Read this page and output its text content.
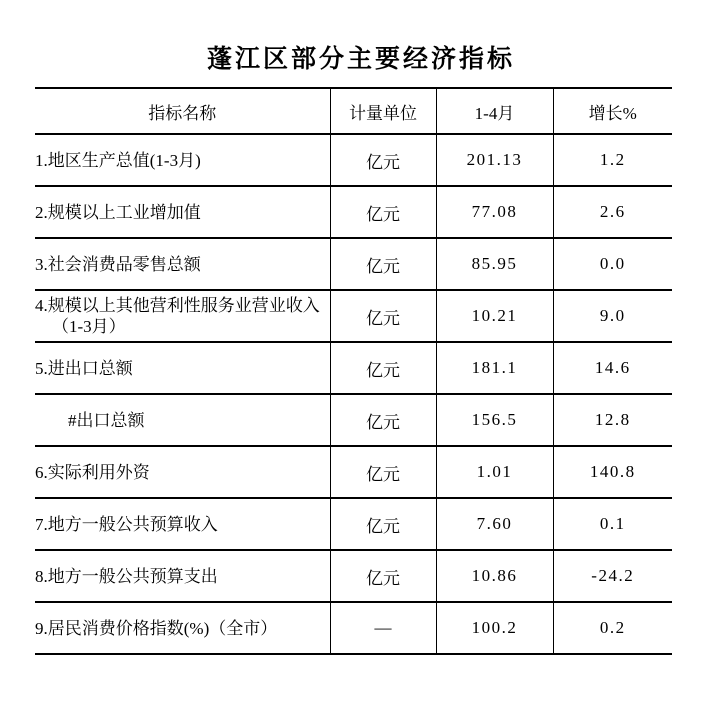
蓬江区部分主要经济指标
指标名称	计量单位	1-4月	增长%
1.地区生产总值(1-3月)	亿元	201.13	1.2
2.规模以上工业增加值	亿元	77.08	2.6
3.社会消费品零售总额	亿元	85.95	0.0

4.规模以上其他营利性服务业营业收入
（1-3月）	亿元	10.21	9.0
5.进出口总额	亿元	181.1	14.6
#出口总额	亿元	156.5	12.8
6.实际利用外资	亿元	1.01	140.8
7.地方一般公共预算收入	亿元	7.60	0.1
8.地方一般公共预算支出	亿元	10.86	-24.2
9.居民消费价格指数(%)（全市）	—	100.2	0.2
